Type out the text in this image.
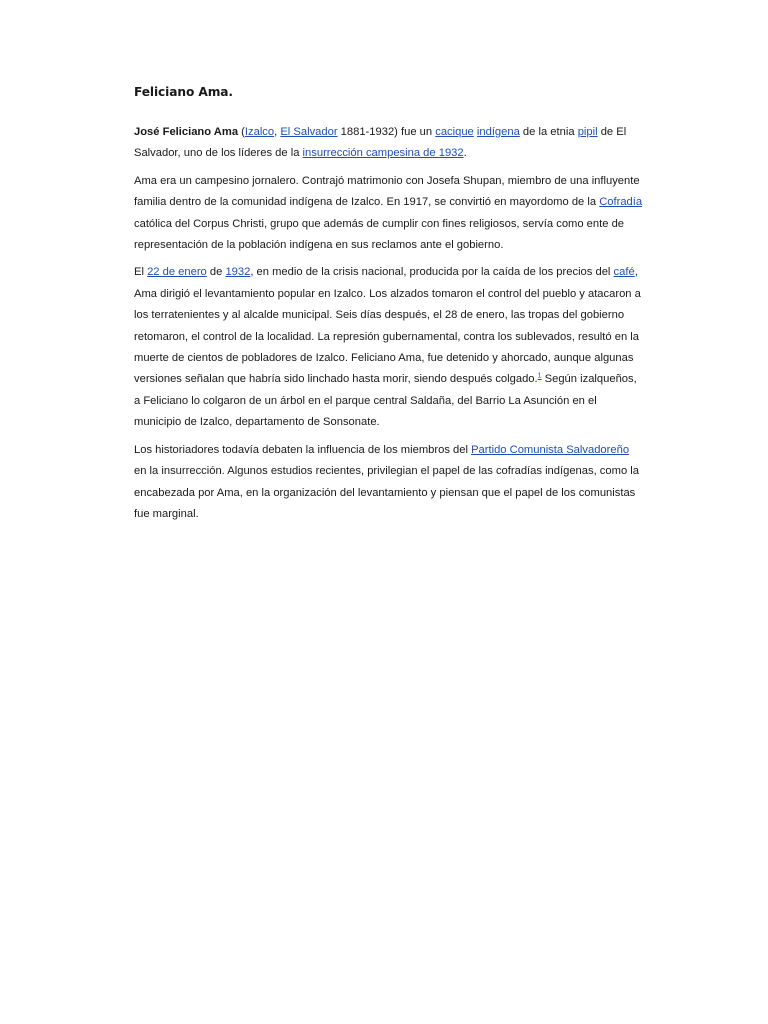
Feliciano Ama.

José Feliciano Ama (Izalco, El Salvador 1881-1932) fue un cacique indígena de la etnia pipil de El Salvador, uno de los líderes de la insurrección campesina de 1932.

Ama era un campesino jornalero. Contrajó matrimonio con Josefa Shupan, miembro de una influyente familia dentro de la comunidad indígena de Izalco. En 1917, se convirtió en mayordomo de la Cofradía católica del Corpus Christi, grupo que además de cumplir con fines religiosos, servía como ente de representación de la población indígena en sus reclamos ante el gobierno.

El 22 de enero de 1932, en medio de la crisis nacional, producida por la caída de los precios del café, Ama dirigió el levantamiento popular en Izalco. Los alzados tomaron el control del pueblo y atacaron a los terratenientes y al alcalde municipal. Seis días después, el 28 de enero, las tropas del gobierno retomaron, el control de la localidad. La represión gubernamental, contra los sublevados, resultó en la muerte de cientos de pobladores de Izalco. Feliciano Ama, fue detenido y ahorcado, aunque algunas versiones señalan que habría sido linchado hasta morir, siendo después colgado.$^1$ Según izalqueños, a Feliciano lo colgaron de un árbol en el parque central Saldaña, del Barrio La Asunción en el municipio de Izalco, departamento de Sonsonate.

Los historiadores todavía debaten la influencia de los miembros del Partido Comunista Salvadoreño en la insurrección. Algunos estudios recientes, privilegian el papel de las cofradías indígenas, como la encabezada por Ama, en la organización del levantamiento y piensan que el papel de los comunistas fue marginal.
